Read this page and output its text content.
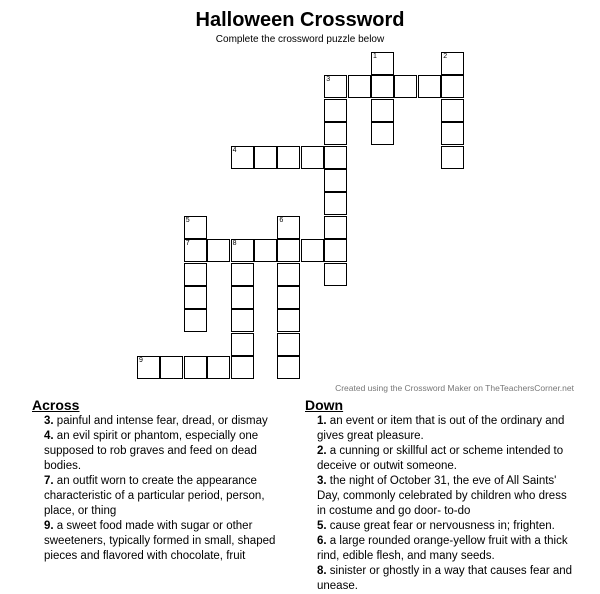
Halloween Crossword
Complete the crossword puzzle below
1	2
3
4
5
7
6
8
9
Created using the Crossword Maker on TheTeachersCorner.net
Across

3. painful and intense fear, dread, or dismay

4. an evil spirit or phantom, especially one supposed to rob graves and feed on dead bodies.

7. an outfit worn to create the appearance characteristic of a particular period, person, place, or thing

9. a sweet food made with sugar or other sweeteners, typically formed in small, shaped pieces and flavored with chocolate, fruit

Down

1. an event or item that is out of the ordinary and gives great pleasure.

2. a cunning or skillful act or scheme intended to deceive or outwit someone.

3. the night of October 31, the eve of All Saints' Day, commonly celebrated by children who dress in costume and go door- to-do

5. cause great fear or nervousness in; frighten.

6. a large rounded orange-yellow fruit with a thick rind, edible flesh, and many seeds.

8. sinister or ghostly in a way that causes fear and unease.
